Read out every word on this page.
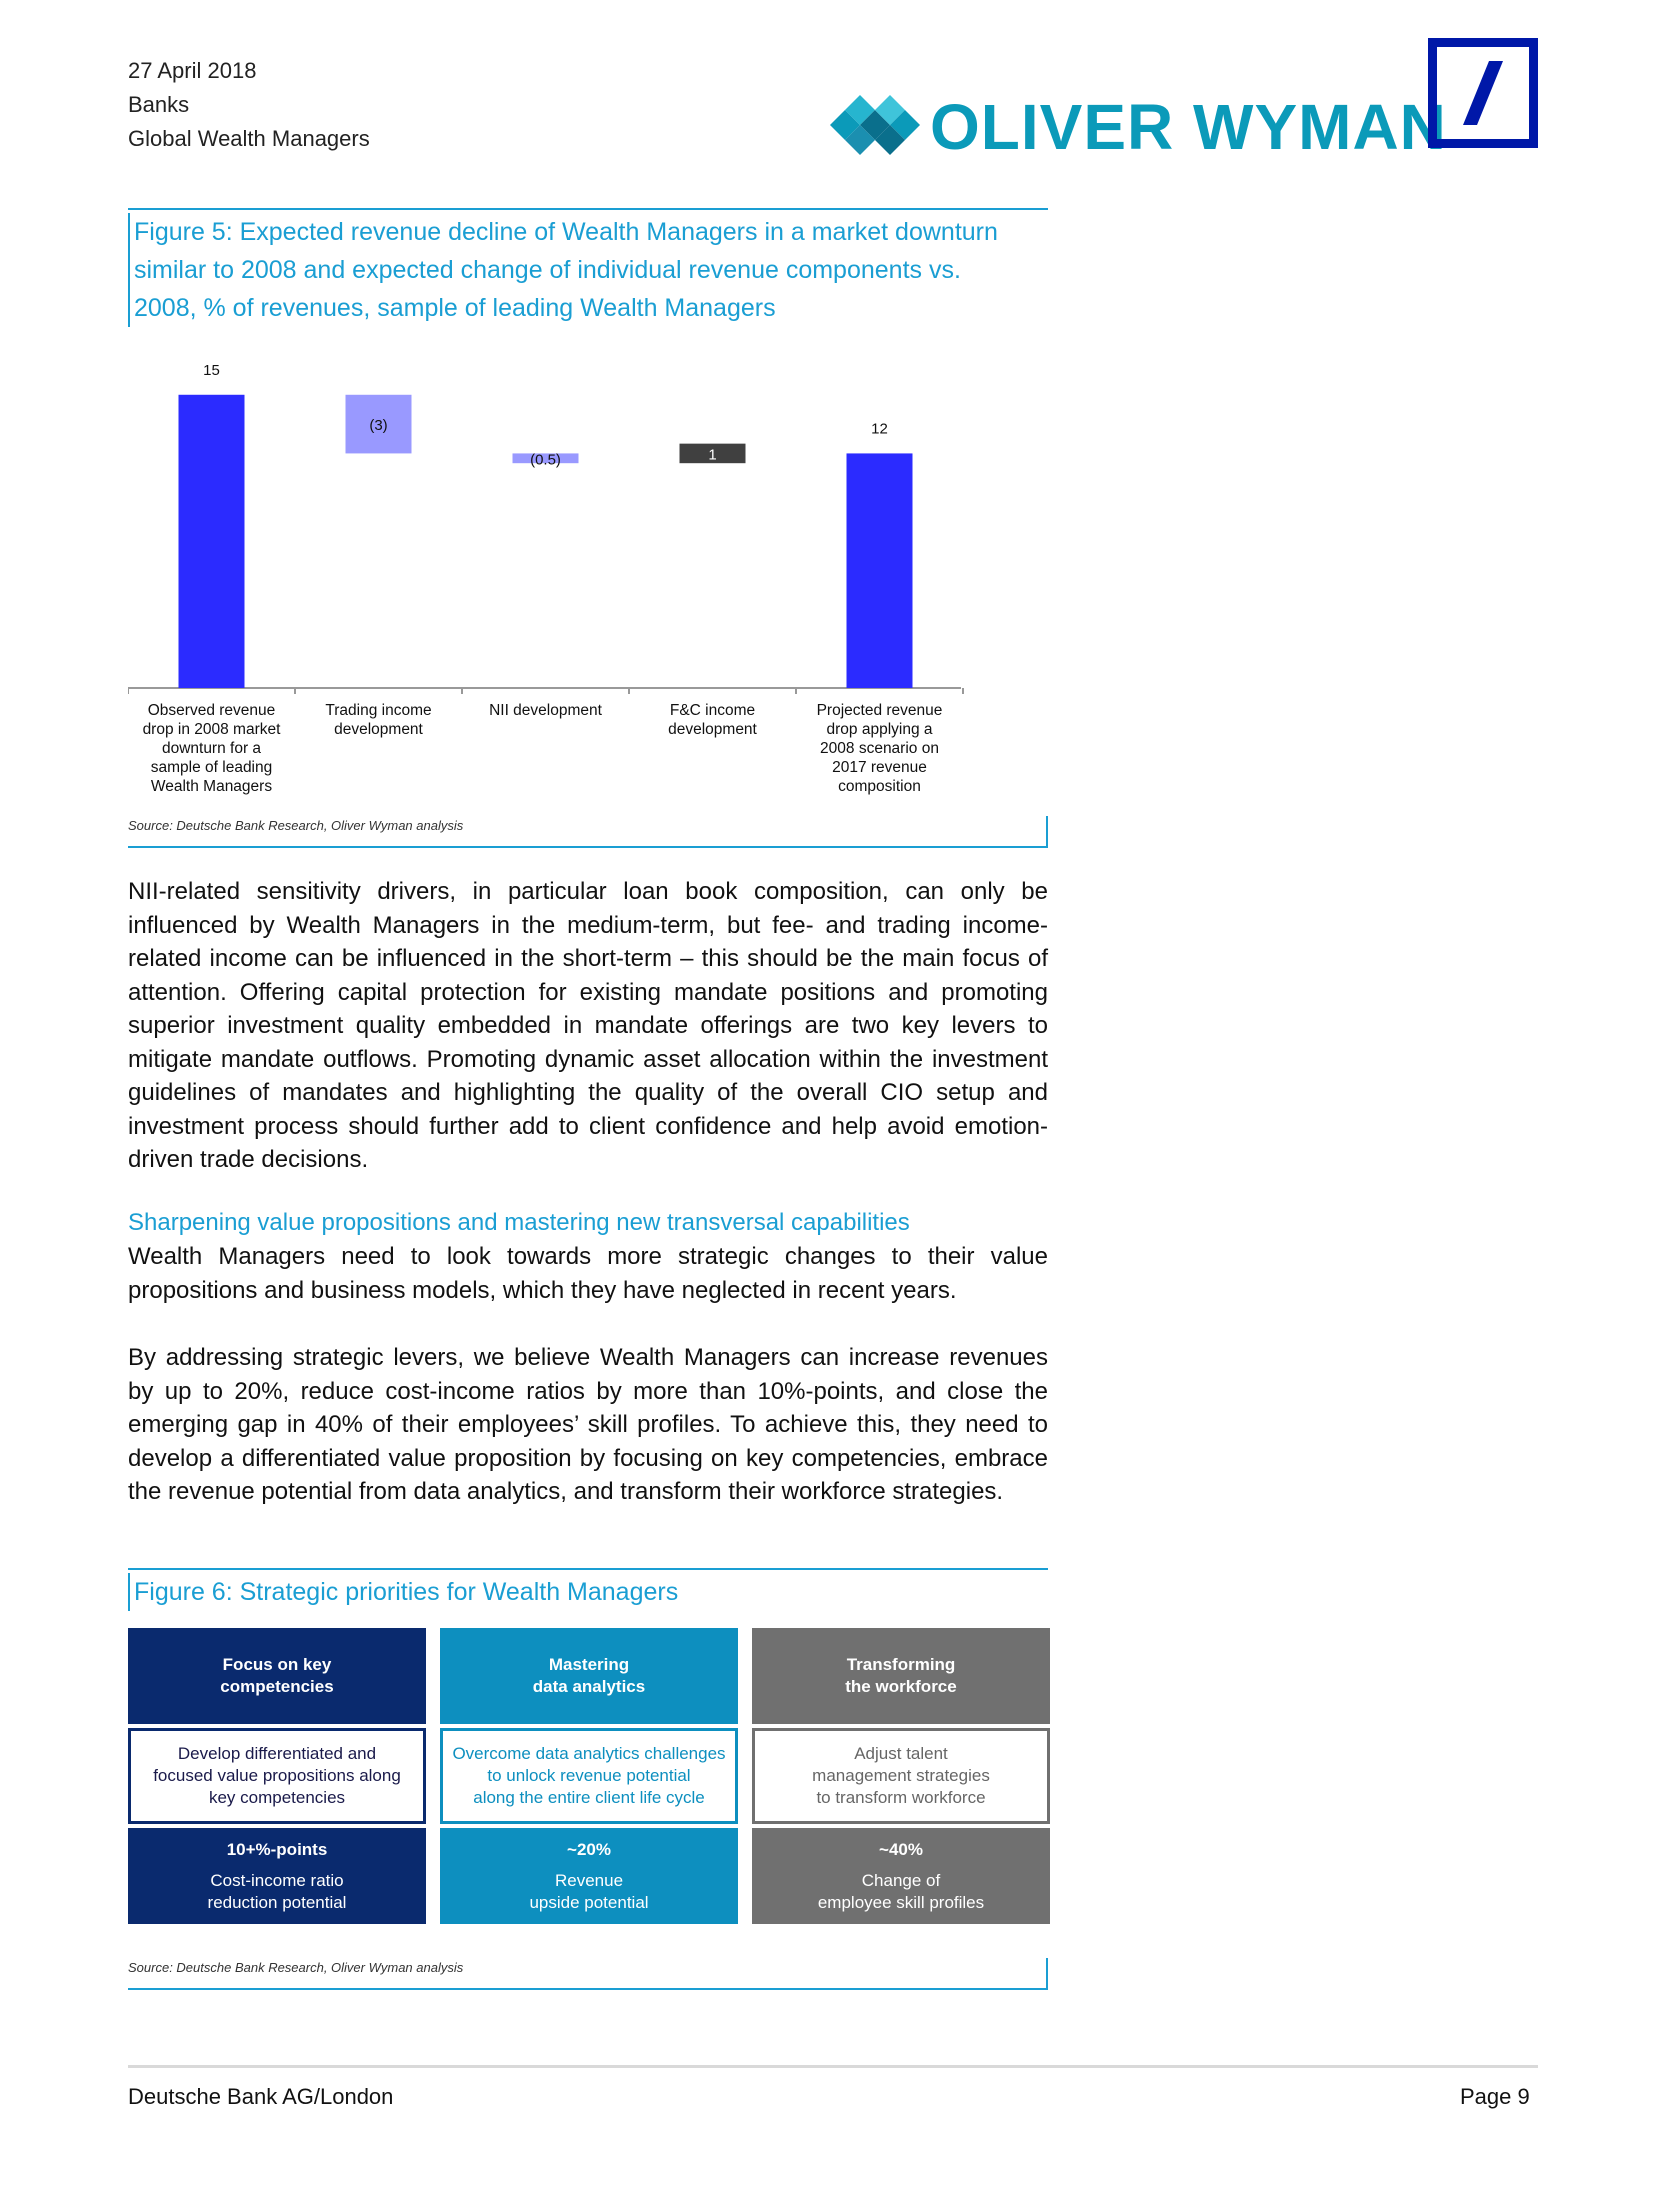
27 April 2018
Banks
Global Wealth Managers	OLIVER WYMAN
Figure 5: Expected revenue decline of Wealth Managers in a market downturn
similar to 2008 and expected change of individual revenue components vs.
2008, % of revenues, sample of leading Wealth Managers
15
Observed revenue
drop in 2008 market
downturn for a
sample of leading
Wealth Managers
(3)
Trading income
development
(0.5)
NII development
1
F&C income
development
12
Projected revenue
drop applying a
2008 scenario on
2017 revenue
composition
Source: Deutsche Bank Research, Oliver Wyman analysis
NII-related sensitivity drivers, in particular loan book composition, can only be influenced by Wealth Managers in the medium-term, but fee- and trading income-related income can be influenced in the short-term – this should be the main focus of attention. Offering capital protection for existing mandate positions and promoting superior investment quality embedded in mandate offerings are two key levers to mitigate mandate outflows. Promoting dynamic asset allocation within the investment guidelines of mandates and highlighting the quality of the overall CIO setup and investment process should further add to client confidence and help avoid emotion-driven trade decisions.
Sharpening value propositions and mastering new transversal capabilities
Wealth Managers need to look towards more strategic changes to their value propositions and business models, which they have neglected in recent years.
By addressing strategic levers, we believe Wealth Managers can increase revenues by up to 20%, reduce cost-income ratios by more than 10%-points, and close the emerging gap in 40% of their employees’ skill profiles. To achieve this, they need to develop a differentiated value proposition by focusing on key competencies, embrace the revenue potential from data analytics, and transform their workforce strategies.
Figure 6: Strategic priorities for Wealth Managers
Focus on key
competencies
Develop differentiated and
focused value propositions along
key competencies
10+%-points
Cost-income ratio
reduction potential
Mastering
data analytics
Overcome data analytics challenges
to unlock revenue potential
along the entire client life cycle
~20%
Revenue
upside potential
Transforming
the workforce
Adjust talent
management strategies
to transform workforce
~40%
Change of
employee skill profiles
Source: Deutsche Bank Research, Oliver Wyman analysis
Deutsche Bank AG/London	Page 9
